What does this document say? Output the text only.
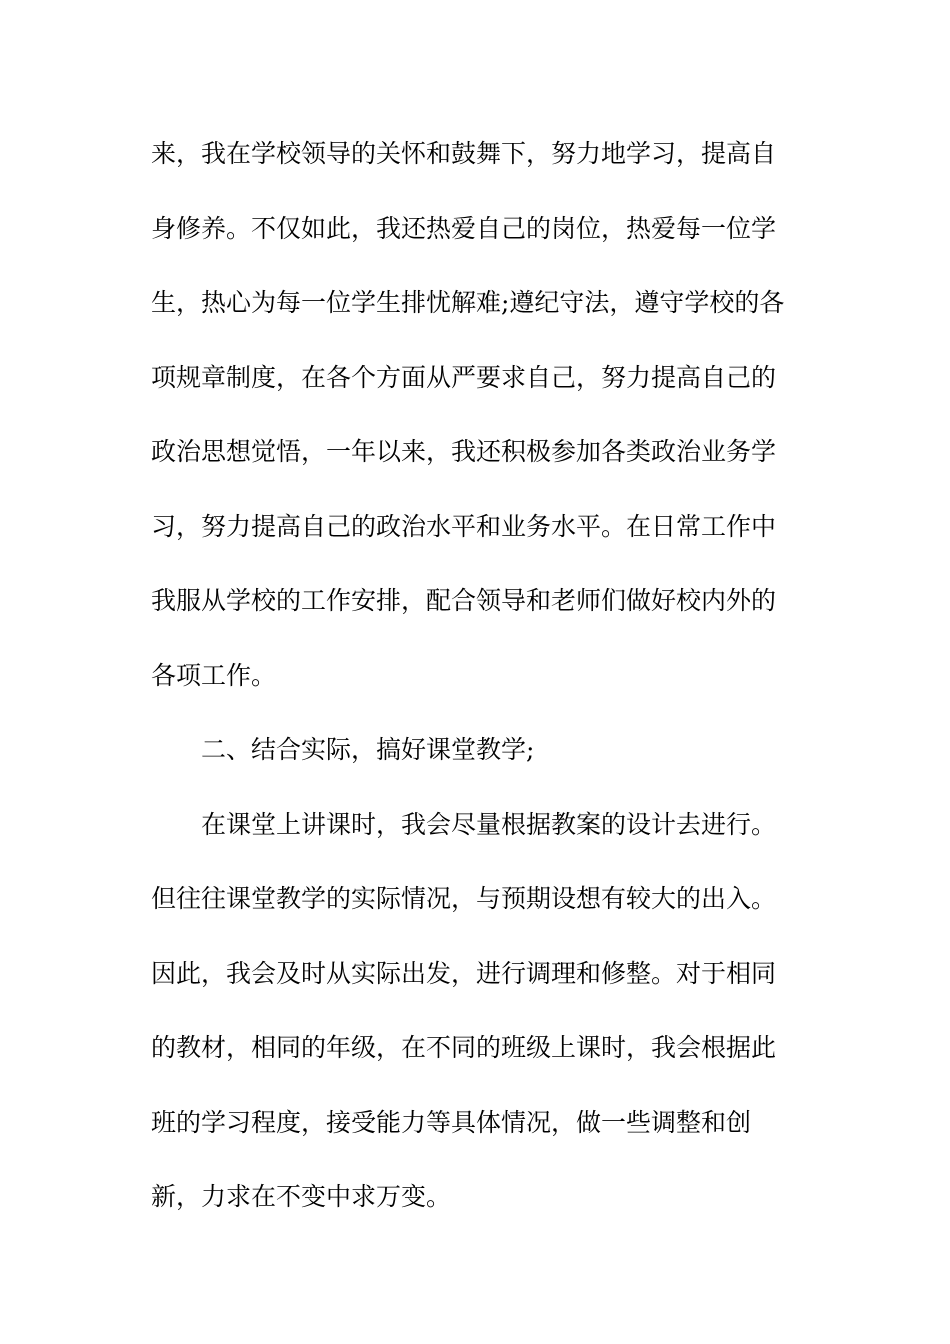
来，我在学校领导的关怀和鼓舞下，努力地学习，提高自
身修养。不仅如此，我还热爱自己的岗位，热爱每一位学
生，热心为每一位学生排忧解难;遵纪守法，遵守学校的各
项规章制度，在各个方面从严要求自己，努力提高自己的
政治思想觉悟，一年以来，我还积极参加各类政治业务学
习，努力提高自己的政治水平和业务水平。在日常工作中
我服从学校的工作安排，配合领导和老师们做好校内外的
各项工作。
二、结合实际，搞好课堂教学;
在课堂上讲课时，我会尽量根据教案的设计去进行。
但往往课堂教学的实际情况，与预期设想有较大的出入。
因此，我会及时从实际出发，进行调理和修整。对于相同
的教材，相同的年级，在不同的班级上课时，我会根据此
班的学习程度，接受能力等具体情况，做一些调整和创
新，力求在不变中求万变。
